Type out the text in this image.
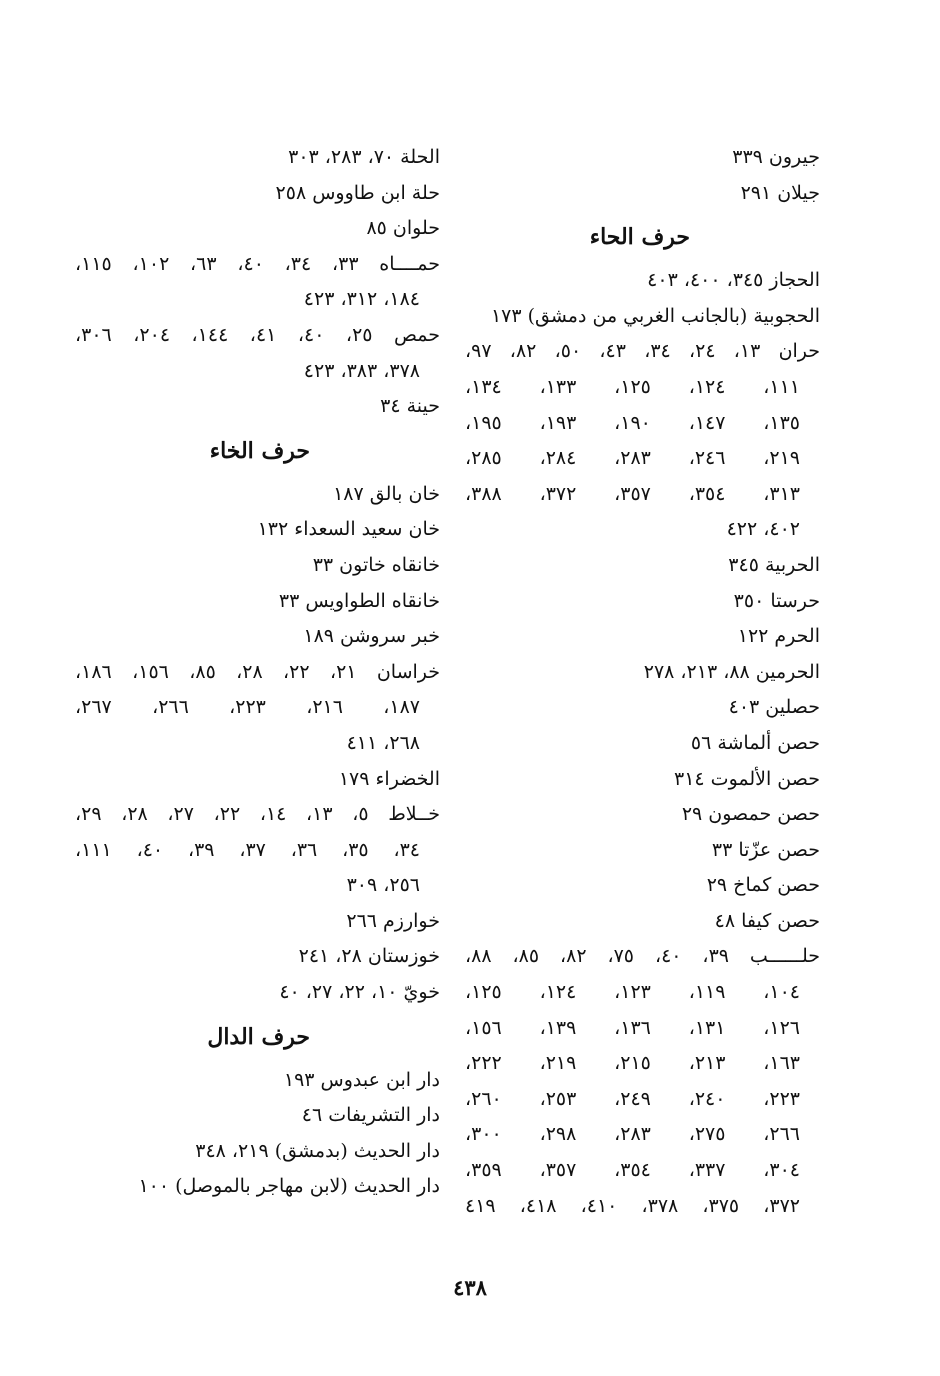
جيرون ٣٣٩
جيلان ٢٩١
حرف الحاء
الحجاز ٣٤٥، ٤٠٠، ٤٠٣
الحجوبية (بالجانب الغربي من دمشق) ١٧٣
حران ١٣، ٢٤، ٣٤، ٤٣، ٥٠، ٨٢، ٩٧،
١١١، ١٢٤، ١٢٥، ١٣٣، ١٣٤،
١٣٥، ١٤٧، ١٩٠، ١٩٣، ١٩٥،
٢١٩، ٢٤٦، ٢٨٣، ٢٨٤، ٢٨٥،
٣١٣، ٣٥٤، ٣٥٧، ٣٧٢، ٣٨٨،
٤٠٢، ٤٢٢
الحربية ٣٤٥
حرستا ٣٥٠
الحرم ١٢٢
الحرمين ٨٨، ٢١٣، ٢٧٨
حصلين ٤٠٣
حصن ألماشة ٥٦
حصن الألموت ٣١٤
حصن حمصون ٢٩
حصن عزّتا ٣٣
حصن كماخ ٢٩
حصن كيفا ٤٨
حلــــــب ٣٩، ٤٠، ٧٥، ٨٢، ٨٥، ٨٨،
١٠٤، ١١٩، ١٢٣، ١٢٤، ١٢٥،
١٢٦، ١٣١، ١٣٦، ١٣٩، ١٥٦،
١٦٣، ٢١٣، ٢١٥، ٢١٩، ٢٢٢،
٢٢٣، ٢٤٠، ٢٤٩، ٢٥٣، ٢٦٠،
٢٦٦، ٢٧٥، ٢٨٣، ٢٩٨، ٣٠٠،
٣٠٤، ٣٣٧، ٣٥٤، ٣٥٧، ٣٥٩،
٣٧٢، ٣٧٥، ٣٧٨، ٤١٠، ٤١٨، ٤١٩
الحلة ٧٠، ٢٨٣، ٣٠٣
حلة ابن طاووس ٢٥٨
حلوان ٨٥
حمــــاه ٣٣، ٣٤، ٤٠، ٦٣، ١٠٢، ١١٥،
١٨٤، ٣١٢، ٤٢٣
حمص ٢٥، ٤٠، ٤١، ١٤٤، ٢٠٤، ٣٠٦،
٣٧٨، ٣٨٣، ٤٢٣
حينة ٣٤
حرف الخاء
خان بالق ١٨٧
خان سعيد السعداء ١٣٢
خانقاه خاتون ٣٣
خانقاه الطواويس ٣٣
خبر سروشن ١٨٩
خراسان ٢١، ٢٢، ٢٨، ٨٥، ١٥٦، ١٨٦،
١٨٧، ٢١٦، ٢٢٣، ٢٦٦، ٢٦٧،
٢٦٨، ٤١١
الخضراء ١٧٩
خــلاط ٥، ١٣، ١٤، ٢٢، ٢٧، ٢٨، ٢٩،
٣٤، ٣٥، ٣٦، ٣٧، ٣٩، ٤٠، ١١١،
٢٥٦، ٣٠٩
خوارزم ٢٦٦
خوزستان ٢٨، ٢٤١
خويّ ١٠، ٢٢، ٢٧، ٤٠
حرف الدال
دار ابن عبدوس ١٩٣
دار التشريفات ٤٦
دار الحديث (بدمشق) ٢١٩، ٣٤٨
دار الحديث (لابن مهاجر بالموصل) ١٠٠
٤٣٨
